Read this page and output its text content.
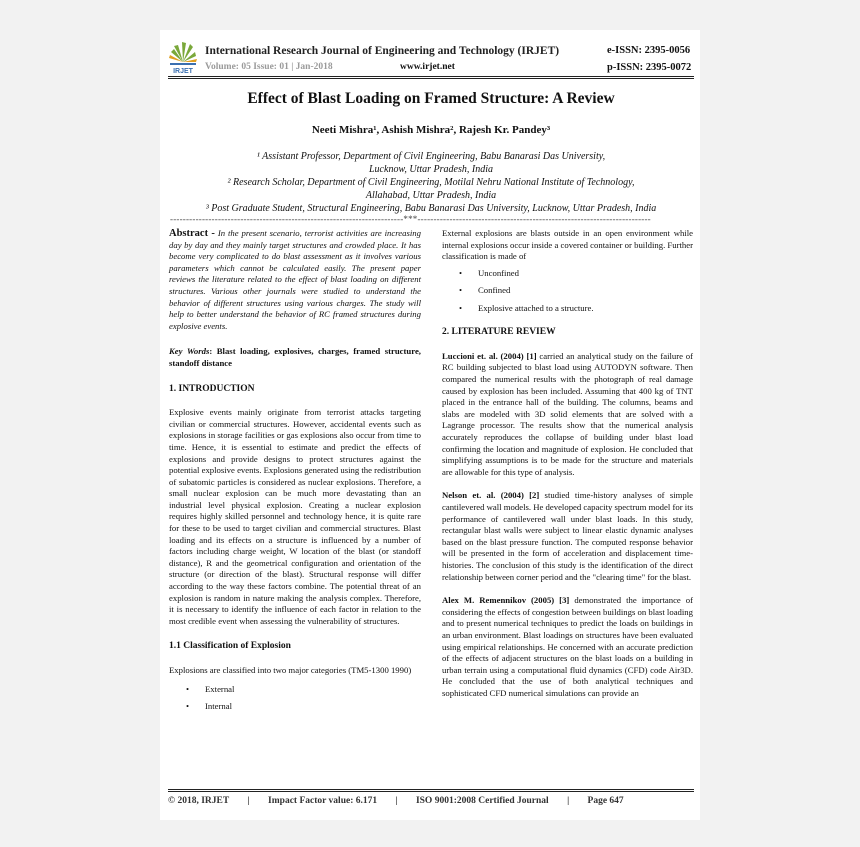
IRJET
International Research Journal of Engineering and Technology (IRJET)	e-ISSN: 2395-0056
Volume: 05 Issue: 01 | Jan-2018	www.irjet.net	p-ISSN: 2395-0072
Effect of Blast Loading on Framed Structure: A Review
Neeti Mishra¹, Ashish Mishra², Rajesh Kr. Pandey³
¹ Assistant Professor, Department of Civil Engineering, Babu Banarasi Das University,
Lucknow, Uttar Pradesh, India
² Research Scholar, Department of Civil Engineering, Motilal Nehru National Institute of Technology,
Allahabad, Uttar Pradesh, India
³ Post Graduate Student, Structural Engineering, Babu Banarasi Das University, Lucknow, Uttar Pradesh, India
-------------------------------------------------------------------------***-------------------------------------------------------------------------

Abstract - In the present scenario, terrorist activities are increasing day by day and they mainly target structures and crowded place. It has become very complicated to do blast assessment as it involves various parameters which cannot be calculated easily. The present paper reviews the literature related to the effect of blast loading on different structures. Various other journals were studied to understand the behavior of different structures using various charges. The study will help to better understand the behavior of RC framed structures during explosive events.

Key Words: Blast loading, explosives, charges, framed structure, standoff distance

1. INTRODUCTION

Explosive events mainly originate from terrorist attacks targeting civilian or commercial structures. However, accidental events such as explosions in storage facilities or gas explosions also occur from time to time. Hence, it is essential to estimate and predict the effects of explosions and provide designs to protect structures against the potential explosive events. Explosions generated using the redistribution of subatomic particles is considered as nuclear explosions. Therefore, a small nuclear explosion can be much more devastating than an industrial level physical explosion. Creating a nuclear explosion requires highly skilled personnel and technology hence, it is quite rare for these to be used to target civilian and commercial structures. Blast loading and its effects on a structure is influenced by a number of factors including charge weight, W location of the blast (or standoff distance), R and the geometrical configuration and orientation of the structure (or direction of the blast). Structural response will differ according to the way these factors combine. The potential threat of an explosion is random in nature making the analysis complex. Therefore, it is necessary to identify the influence of each factor in relation to the most credible event when assessing the vulnerability of structures.

1.1 Classification of Explosion

Explosions are classified into two major categories (TM5-1300 1990)

• External
• Internal

External explosions are blasts outside in an open environment while internal explosions occur inside a covered container or building. Further classification is made of

• Unconfined
• Confined
• Explosive attached to a structure.

2. LITERATURE REVIEW

Luccioni et. al. (2004) [1] carried an analytical study on the failure of RC building subjected to blast load using AUTODYN software. Then compared the numerical results with the photograph of real damage caused by explosion has been included. Assuming that 400 kg of TNT placed in the entrance hall of the building. The columns, beams and slabs are modeled with 3D solid elements that are solved with a Lagrange processor. The results show that the numerical analysis accurately reproduces the collapse of building under blast load confirming the location and magnitude of explosion. He concluded that simplifying assumptions is to be made for the structure and materials are allowable for this type of analysis.

Nelson et. al. (2004) [2] studied time-history analyses of simple cantilevered wall models. He developed capacity spectrum model for its performance of cantilevered wall under blast loads. In this study, rectangular blast walls were subject to linear elastic dynamic analyses based on the blast pressure function. The computed response behavior will be presented in the form of acceleration and displacement time-histories. The conclusion of this study is the identification of the direct relationship between corner period and the "clearing time" for the blast.

Alex M. Remennikov (2005) [3] demonstrated the importance of considering the effects of congestion between buildings on blast loading and to present numerical techniques to predict the loads on buildings in an urban environment. Blast loadings on structures have been evaluated using empirical relationships. He concerned with an accurate prediction of the effects of adjacent structures on the blast loads on a building in urban terrain using a computational fluid dynamics (CFD) code Air3D. He concluded that the use of both analytical techniques and sophisticated CFD numerical simulations can provide an

© 2018, IRJET | Impact Factor value: 6.171 | ISO 9001:2008 Certified Journal | Page 647
